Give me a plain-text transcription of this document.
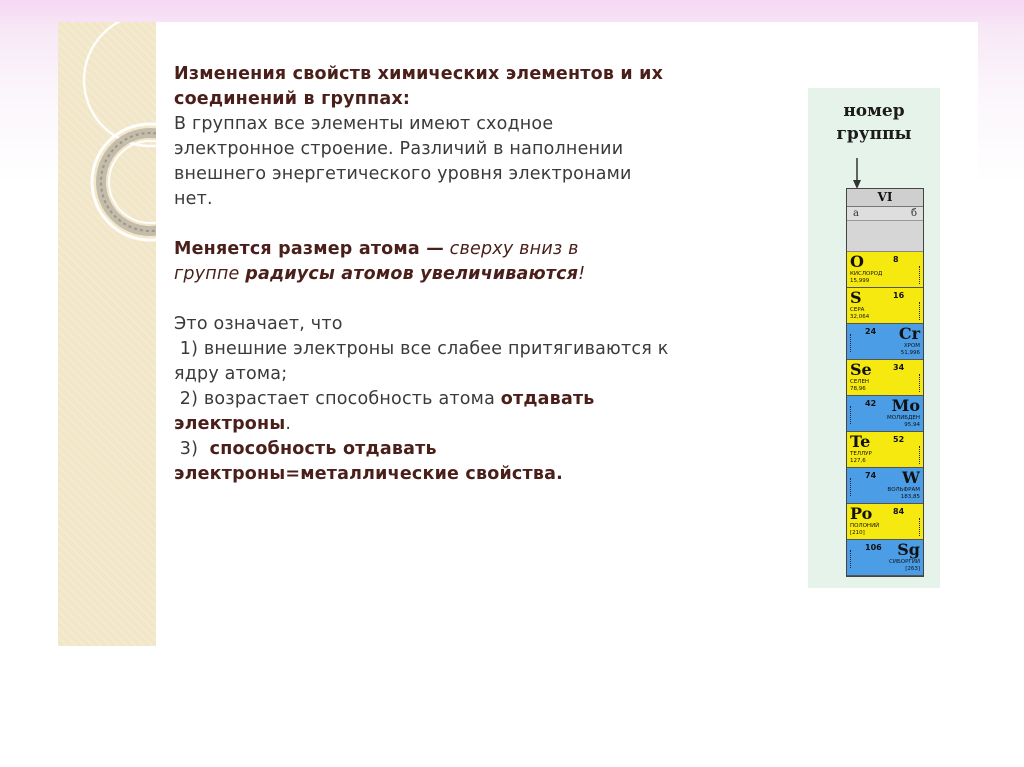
Изменения свойств химических элементов и их
соединений в группах:

В группах все элементы имеют сходное
электронное строение. Различий в наполнении
внешнего энергетического уровня электронами
нет.

Меняется размер атома — сверху вниз в
группе радиусы атомов увеличиваются!

Это означает, что
1) внешние электроны все слабее притягиваются к
ядру атома;
2) возрастает способность атома отдавать
электроны.
3)  способность отдавать
электроны=металлические свойства.

номер
группы
VI
а	б
O	8
КИСЛОРОД
15,999
S	16
СЕРА
32,064
Cr
24
ХРОМ
51,996
Se	34
СЕЛЕН
78,96
Mo
42
МОЛИБДЕН
95,94
Te	52
ТЕЛЛУР
127,6
W
74
ВОЛЬФРАМ
183,85
Po	84
ПОЛОНИЙ
[210]
Sg
106
СИБОРГИЙ
[263]
